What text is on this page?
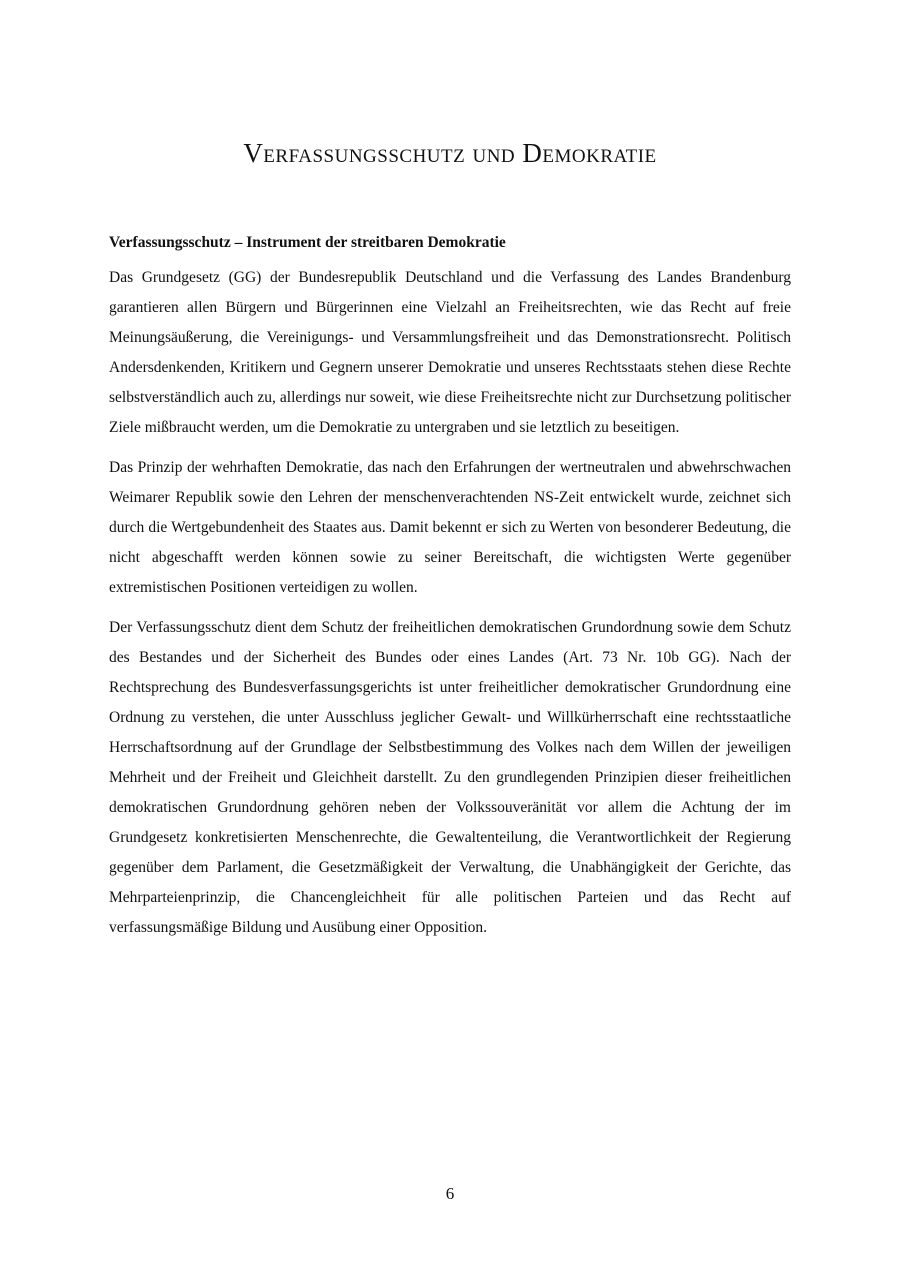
Verfassungsschutz und Demokratie
Verfassungsschutz – Instrument der streitbaren Demokratie

Das Grundgesetz (GG) der Bundesrepublik Deutschland und die Verfassung des Landes Brandenburg garantieren allen Bürgern und Bürgerinnen eine Vielzahl an Freiheitsrechten, wie das Recht auf freie Meinungsäußerung, die Vereinigungs- und Versammlungsfreiheit und das Demonstrationsrecht. Politisch Andersdenkenden, Kritikern und Gegnern unserer Demokratie und unseres Rechtsstaats stehen diese Rechte selbstverständlich auch zu, allerdings nur soweit, wie diese Freiheitsrechte nicht zur Durchsetzung politischer Ziele mißbraucht werden, um die Demokratie zu untergraben und sie letztlich zu beseitigen.

Das Prinzip der wehrhaften Demokratie, das nach den Erfahrungen der wertneutralen und abwehrschwachen Weimarer Republik sowie den Lehren der menschenverachtenden NS-Zeit entwickelt wurde, zeichnet sich durch die Wertgebundenheit des Staates aus. Damit bekennt er sich zu Werten von besonderer Bedeutung, die nicht abgeschafft werden können sowie zu seiner Bereitschaft, die wichtigsten Werte gegenüber extremistischen Positionen verteidigen zu wollen.

Der Verfassungsschutz dient dem Schutz der freiheitlichen demokratischen Grundordnung sowie dem Schutz des Bestandes und der Sicherheit des Bundes oder eines Landes (Art. 73 Nr. 10b GG). Nach der Rechtsprechung des Bundesverfassungsgerichts ist unter freiheitlicher demokratischer Grundordnung eine Ordnung zu verstehen, die unter Ausschluss jeglicher Gewalt- und Willkürherrschaft eine rechtsstaatliche Herrschaftsordnung auf der Grundlage der Selbstbestimmung des Volkes nach dem Willen der jeweiligen Mehrheit und der Freiheit und Gleichheit darstellt. Zu den grundlegenden Prinzipien dieser freiheitlichen demokratischen Grundordnung gehören neben der Volkssouveränität vor allem die Achtung der im Grundgesetz konkretisierten Menschenrechte, die Gewaltenteilung, die Verantwortlichkeit der Regierung gegenüber dem Parlament, die Gesetzmäßigkeit der Verwaltung, die Unabhängigkeit der Gerichte, das Mehrparteienprinzip, die Chancengleichheit für alle politischen Parteien und das Recht auf verfassungsmäßige Bildung und Ausübung einer Opposition.

6
